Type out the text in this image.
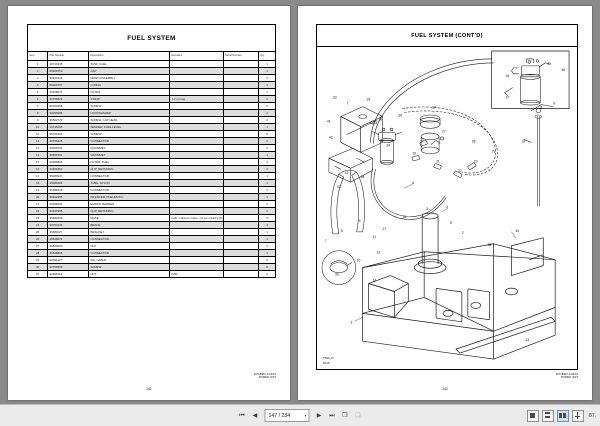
FUEL SYSTEM
Item	Part Number	Description	Remarks	Serial Number	Qty
1	46714945	TANK, FUEL			1
2	89208750	CAP			1
3	92914243	DRAIN ASSEMBLY			1
4	89209767	O-RING			1
5	25208674	FILTER			1
6	46758229	STRAP	1.2 m long		2
7	96704468	SCREW			6
8	92394986	LOCKWASHER			2
9	46502779	SCREW, CAP HEAD			2
10	46745195	SENDER, FUEL LEVEL			1
11	96703251	SCREW			5
12	46758445	CONNECTOR			2
13	23206761	GROMMET			2
14	46501591	GROMMET			1
15	92909866	FILTER, FUEL			1
16	22921892	CLIP, RETAINING			2
17	35389347	CONNECTOR			1
18	35386484	TUBE, NYLON			1
19	35389239	CONNECTOR			1
20	35322385	SILENCER, PNEUMATIC			1
21	54368164	ELBOW, BARBED			2
22	22917985	CLIP, RETAINING			2
23	35383499	HOSE	bulk - sold per metre - (6 mm (9/16") ID)		3
24	46753146	BRACE			4
25	46689427	BRACKET			1
26	46528674	CONNECTOR			1
27	46529690	NUT			1
28	46528866	CONNECTOR			1
29	92091427	TIE, CABLE			5
30	92709999	SCREW			8
31	92396114	NUT	(M8)		2
4671890X-A 03/19
POWER UNIT
141
FUEL SYSTEM (CONT'D)
1
3
6
7
8
9
10
11
13
15
17
14
4
5
2
38
40
43
11
9
19
12
16
21
22
23
34
7
24
33
41
42
42
43
34
30
36
32
27
28
29
39
34
35
36
37
T390_R
6016
4671890X-A 03/19
POWER UNIT
142
⏮	◀	147 / 234	▾	▶	⏭	❐	❑	87.
